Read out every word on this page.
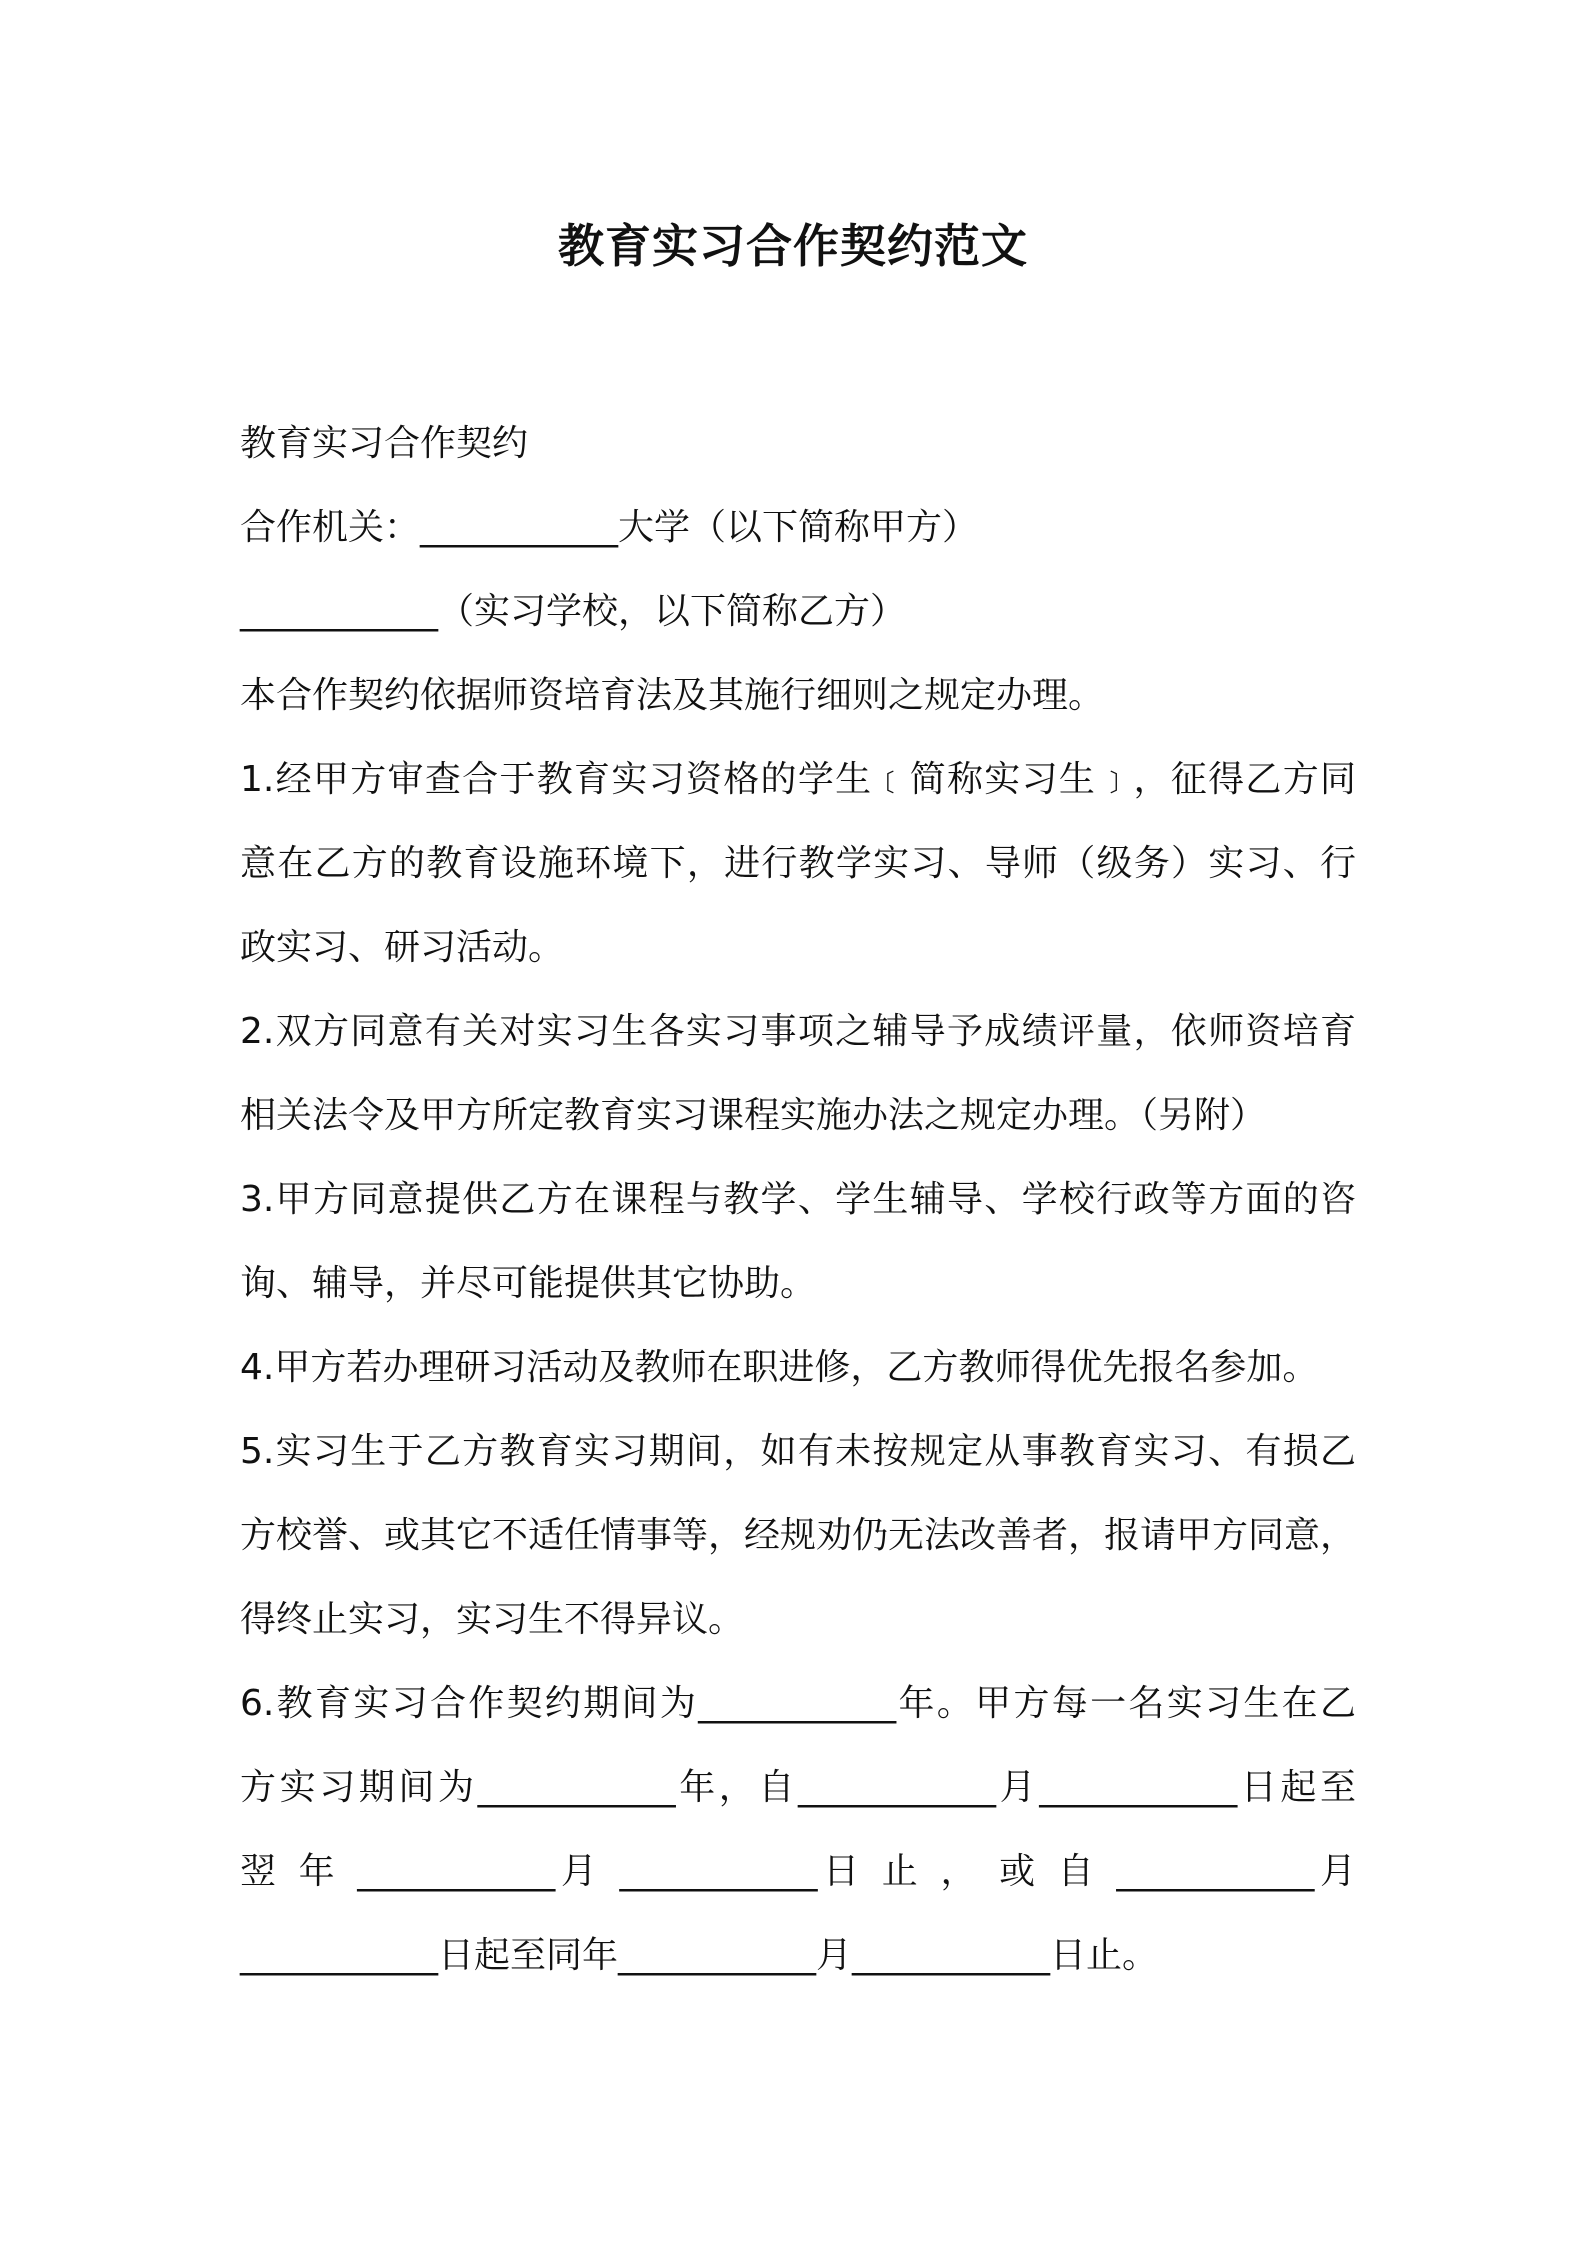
教育实习合作契约范文
教育实习合作契约
合作机关：___________大学（以下简称甲方）
___________（实习学校，以下简称乙方）
本合作契约依据师资培育法及其施行细则之规定办理。
1.经甲方审查合于教育实习资格的学生﹝简称实习生﹞，征得乙方同
意在乙方的教育设施环境下，进行教学实习、导师（级务）实习、行
政实习、研习活动。
2.双方同意有关对实习生各实习事项之辅导予成绩评量，依师资培育
相关法令及甲方所定教育实习课程实施办法之规定办理。（另附）
3.甲方同意提供乙方在课程与教学、学生辅导、学校行政等方面的咨
询、辅导，并尽可能提供其它协助。
4.甲方若办理研习活动及教师在职进修，乙方教师得优先报名参加。
5.实习生于乙方教育实习期间，如有未按规定从事教育实习、有损乙
方校誉、或其它不适任情事等，经规劝仍无法改善者，报请甲方同意，
得终止实习，实习生不得异议。
6.教育实习合作契约期间为___________年。甲方每一名实习生在乙
方实习期间为___________年，自___________月___________日起至
翌 年 ___________月 ___________日 止 ， 或 自 ___________月
___________日起至同年___________月___________日止。
